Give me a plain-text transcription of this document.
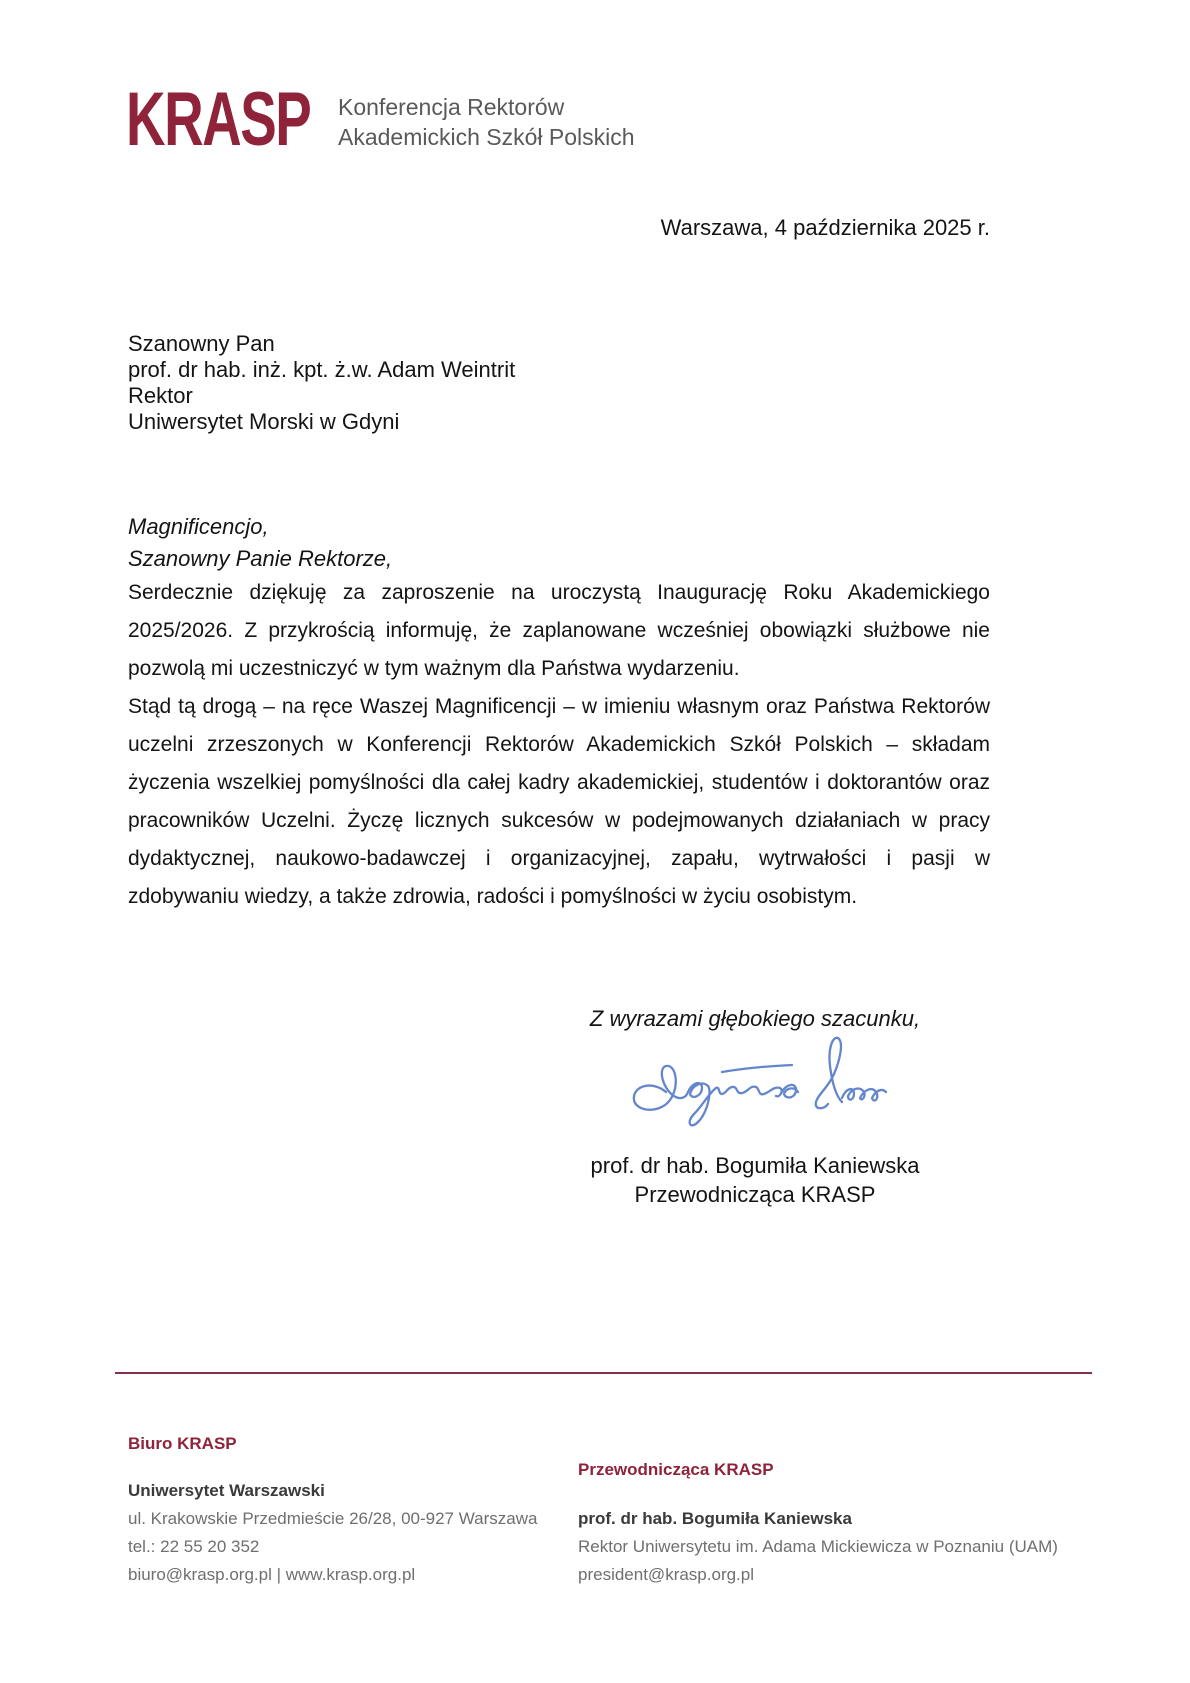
KRASP Konferencja Rektorów
Akademickich Szkół Polskich
Warszawa, 4 października 2025 r.
Szanowny Pan
prof. dr hab. inż. kpt. ż.w. Adam Weintrit
Rektor
Uniwersytet Morski w Gdyni
Magnificencjo,
Szanowny Panie Rektorze,

Serdecznie dziękuję za zaproszenie na uroczystą Inaugurację Roku Akademickiego 2025/2026. Z przykrością informuję, że zaplanowane wcześniej obowiązki służbowe nie pozwolą mi uczestniczyć w tym ważnym dla Państwa wydarzeniu.

Stąd tą drogą – na ręce Waszej Magnificencji – w imieniu własnym oraz Państwa Rektorów uczelni zrzeszonych w Konferencji Rektorów Akademickich Szkół Polskich – składam życzenia wszelkiej pomyślności dla całej kadry akademickiej, studentów i doktorantów oraz pracowników Uczelni. Życzę licznych sukcesów w podejmowanych działaniach w pracy dydaktycznej, naukowo-badawczej i organizacyjnej, zapału, wytrwałości i pasji w zdobywaniu wiedzy, a także zdrowia, radości i pomyślności w życiu osobistym.

Z wyrazami głębokiego szacunku,
prof. dr hab. Bogumiła Kaniewska
Przewodnicząca KRASP
Biuro KRASP
Uniwersytet Warszawski
ul. Krakowskie Przedmieście 26/28, 00-927 Warszawa
tel.: 22 55 20 352
biuro@krasp.org.pl | www.krasp.org.pl
Przewodnicząca KRASP
prof. dr hab. Bogumiła Kaniewska
Rektor Uniwersytetu im. Adama Mickiewicza w Poznaniu (UAM)
president@krasp.org.pl
